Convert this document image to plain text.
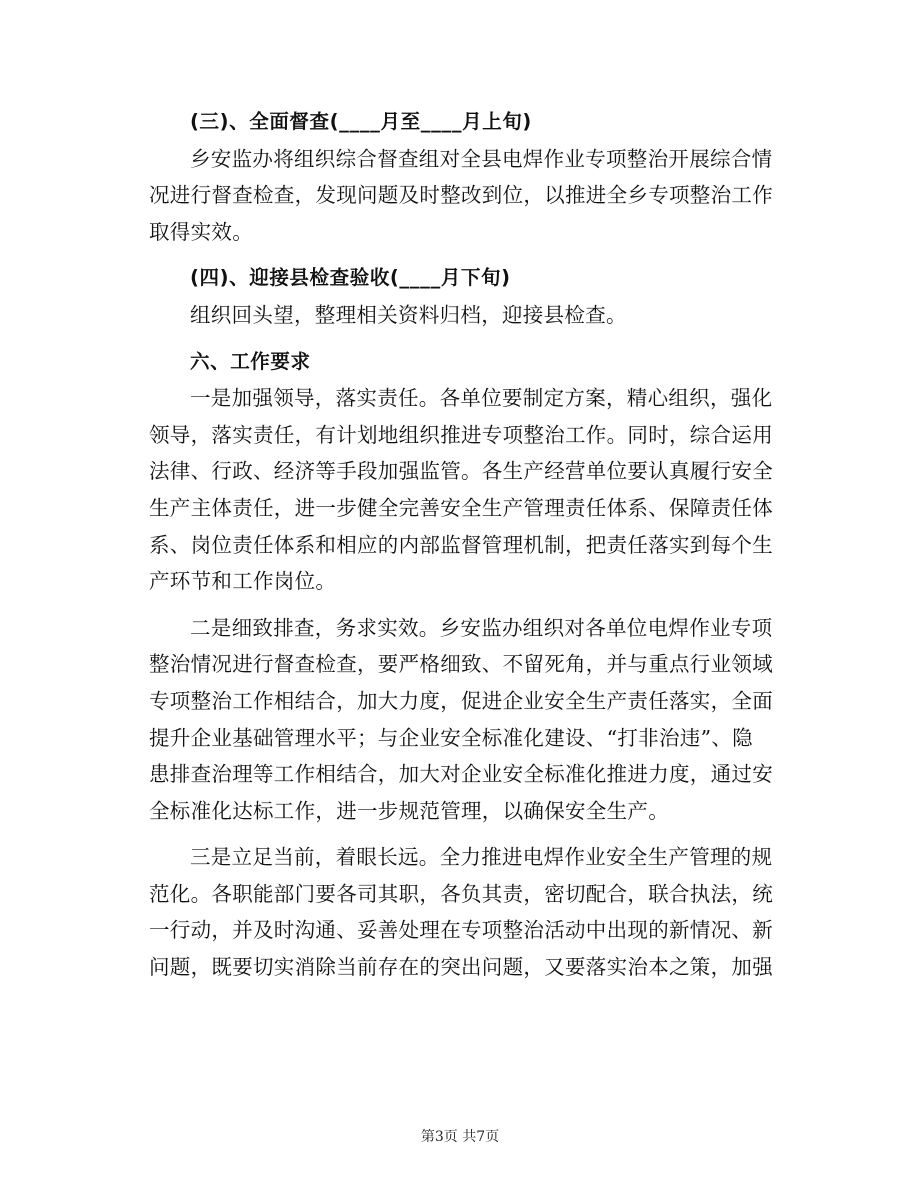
(三)、全面督查(____月至____月上旬)
乡安监办将组织综合督查组对全县电焊作业专项整治开展综合情
况进行督查检查，发现问题及时整改到位，以推进全乡专项整治工作
取得实效。
(四)、迎接县检查验收(____月下旬)
组织回头望，整理相关资料归档，迎接县检查。
六、工作要求
一是加强领导，落实责任。各单位要制定方案，精心组织，强化
领导，落实责任，有计划地组织推进专项整治工作。同时，综合运用
法律、行政、经济等手段加强监管。各生产经营单位要认真履行安全
生产主体责任，进一步健全完善安全生产管理责任体系、保障责任体
系、岗位责任体系和相应的内部监督管理机制，把责任落实到每个生
产环节和工作岗位。
二是细致排查，务求实效。乡安监办组织对各单位电焊作业专项
整治情况进行督查检查，要严格细致、不留死角，并与重点行业领域
专项整治工作相结合，加大力度，促进企业安全生产责任落实，全面
提升企业基础管理水平；与企业安全标准化建设、“打非治违”、隐
患排查治理等工作相结合，加大对企业安全标准化推进力度，通过安
全标准化达标工作，进一步规范管理，以确保安全生产。
三是立足当前，着眼长远。全力推进电焊作业安全生产管理的规
范化。各职能部门要各司其职，各负其责，密切配合，联合执法，统
一行动，并及时沟通、妥善处理在专项整治活动中出现的新情况、新
问题，既要切实消除当前存在的突出问题，又要落实治本之策，加强
第3页 共7页
